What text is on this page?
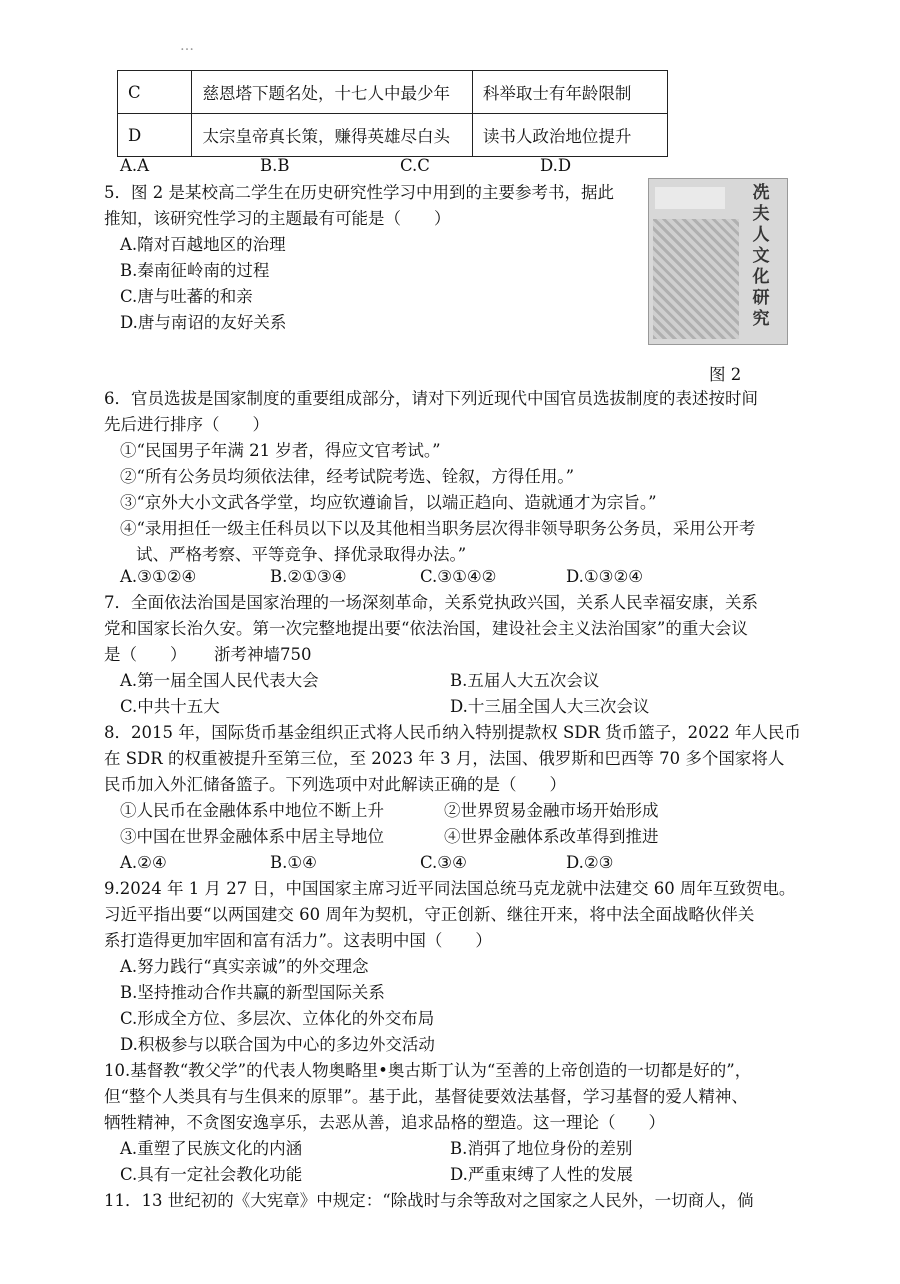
…
C	慈恩塔下题名处，十七人中最少年	科举取士有年龄限制
D	太宗皇帝真长策，赚得英雄尽白头	读书人政治地位提升
A.A	B.B	C.C	D.D
5．图 2 是某校高二学生在历史研究性学习中用到的主要参考书，据此
推知，该研究性学习的主题最有可能是（　　）
A.隋对百越地区的治理
B.秦南征岭南的过程
C.唐与吐蕃的和亲
D.唐与南诏的友好关系
冼
夫
人
文
化
研
究
图 2
6．官员选拔是国家制度的重要组成部分，请对下列近现代中国官员选拔制度的表述按时间
先后进行排序（　　）
①“民国男子年满 21 岁者，得应文官考试。”
②“所有公务员均须依法律，经考试院考选、铨叙，方得任用。”
③“京外大小文武各学堂，均应钦遵谕旨，以端正趋向、造就通才为宗旨。”
④“录用担任一级主任科员以下以及其他相当职务层次得非领导职务公务员，采用公开考
试、严格考察、平等竞争、择优录取得办法。”
A.③①②④	B.②①③④	C.③①④②	D.①③②④
7．全面依法治国是国家治理的一场深刻革命，关系党执政兴国，关系人民幸福安康，关系
党和国家长治久安。第一次完整地提出要“依法治国，建设社会主义法治国家”的重大会议
是（　　） 浙考神墙750
A.第一届全国人民代表大会	B.五届人大五次会议
C.中共十五大	D.十三届全国人大三次会议
8．2015 年，国际货币基金组织正式将人民币纳入特别提款权 SDR 货币篮子，2022 年人民币
在 SDR 的权重被提升至第三位，至 2023 年 3 月，法国、俄罗斯和巴西等 70 多个国家将人
民币加入外汇储备篮子。下列选项中对此解读正确的是（　　）
①人民币在金融体系中地位不断上升	②世界贸易金融市场开始形成
③中国在世界金融体系中居主导地位	④世界金融体系改革得到推进
A.②④	B.①④	C.③④	D.②③
9.2024 年 1 月 27 日，中国国家主席习近平同法国总统马克龙就中法建交 60 周年互致贺电。
习近平指出要“以两国建交 60 周年为契机，守正创新、继往开来，将中法全面战略伙伴关
系打造得更加牢固和富有活力”。这表明中国（　　）
A.努力践行“真实亲诚”的外交理念
B.坚持推动合作共赢的新型国际关系
C.形成全方位、多层次、立体化的外交布局
D.积极参与以联合国为中心的多边外交活动
10.基督教“教父学”的代表人物奥略里•奥古斯丁认为“至善的上帝创造的一切都是好的”，
但“整个人类具有与生俱来的原罪”。基于此，基督徒要效法基督，学习基督的爱人精神、
牺牲精神，不贪图安逸享乐，去恶从善，追求品格的塑造。这一理论（　　）
A.重塑了民族文化的内涵	B.消弭了地位身份的差别
C.具有一定社会教化功能	D.严重束缚了人性的发展
11．13 世纪初的《大宪章》中规定：“除战时与余等敌对之国家之人民外，一切商人，倘
